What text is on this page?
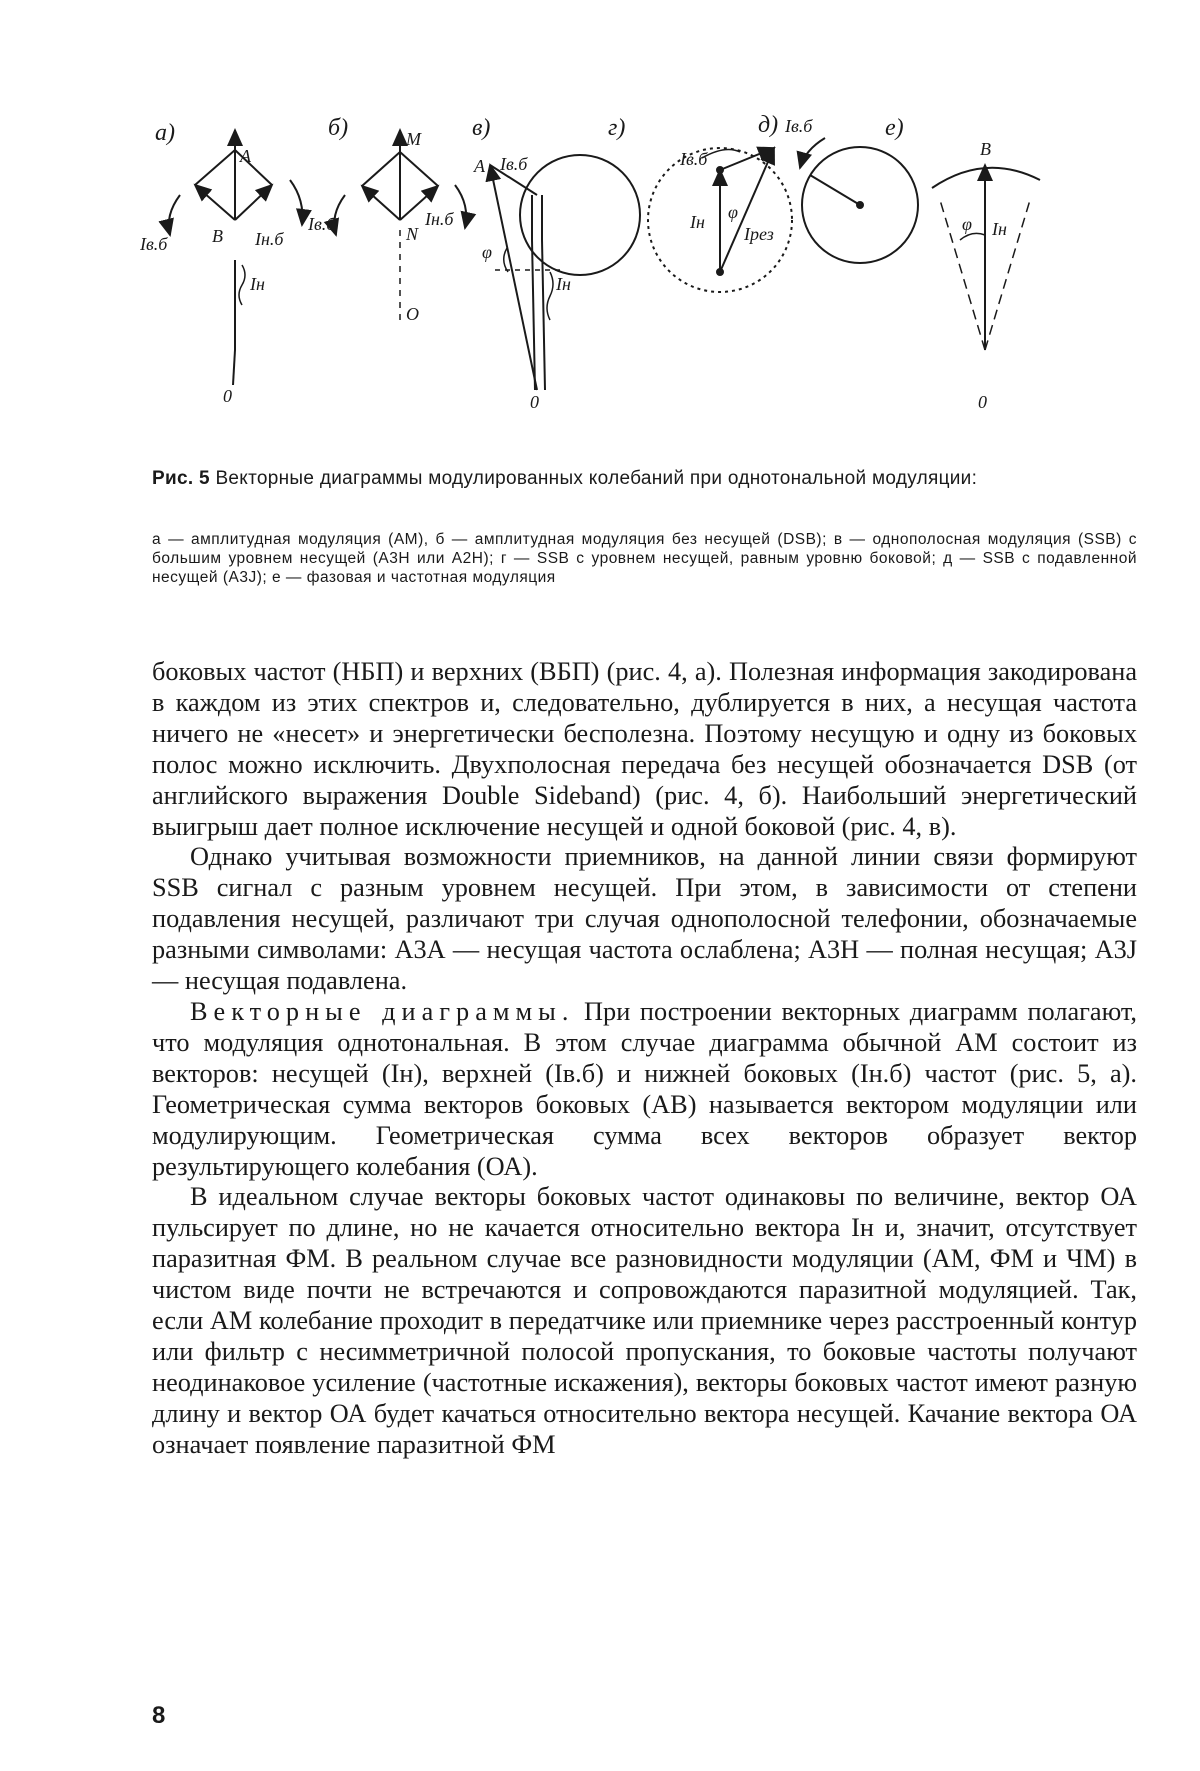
а)	б)	в)	г)	д)	е)
A
B
0
Iв.б	Iн.б
Iн
M
N
O
Iв.б	Iн.б
A Iв.б
φ
Iн
0
Iв.б
Iн φ
Iрез
Iв.б
B
φ Iн
0
Рис. 5 Векторные диаграммы модулированных колебаний при однотональной модуляции:
а — амплитудная модуляция (АМ), б — амплитудная модуляция без несущей (DSB); в — однополосная модуляция (SSB) с большим уровнем несущей (А3Н или А2Н); г — SSB с уровнем несущей, равным уровню боковой; д — SSB с подавленной несущей (A3J); е — фазовая и частотная модуляция

боковых частот (НБП) и верхних (ВБП) (рис. 4, а). Полезная информация закодирована в каждом из этих спектров и, следовательно, дублируется в них, а несущая частота ничего не «несет» и энергетически бесполезна. Поэтому несущую и одну из боковых полос можно исключить. Двухполосная передача без несущей обозначается DSB (от английского выражения Double Sideband) (рис. 4, б). Наибольший энергетический выигрыш дает полное исключение несущей и одной боковой (рис. 4, в).

Однако учитывая возможности приемников, на данной линии связи формируют SSB сигнал с разным уровнем несущей. При этом, в зависимости от степени подавления несущей, различают три случая однополосной телефонии, обозначаемые разными символами: А3А — несущая частота ослаблена; А3Н — полная несущая; А3J — несущая подавлена.

Векторные диаграммы. При построении векторных диаграмм полагают, что модуляция однотональная. В этом случае диаграмма обычной АМ состоит из векторов: несущей (Iн), верхней (Iв.б) и нижней боковых (Iн.б) частот (рис. 5, а). Геометрическая сумма векторов боковых (AB) называется вектором модуляции или модулирующим. Геометрическая сумма всех векторов образует вектор результирующего колебания (ОА).

В идеальном случае векторы боковых частот одинаковы по величине, вектор ОА пульсирует по длине, но не качается относительно вектора Iн и, значит, отсутствует паразитная ФМ. В реальном случае все разновидности модуляции (АМ, ФМ и ЧМ) в чистом виде почти не встречаются и сопровождаются паразитной модуляцией. Так, если АМ колебание проходит в передатчике или приемнике через расстроенный контур или фильтр с несимметричной полосой пропускания, то боковые частоты получают неодинаковое усиление (частотные искажения), векторы боковых частот имеют разную длину и вектор ОА будет качаться относительно вектора несущей. Качание вектора ОА означает появление паразитной ФМ

8
